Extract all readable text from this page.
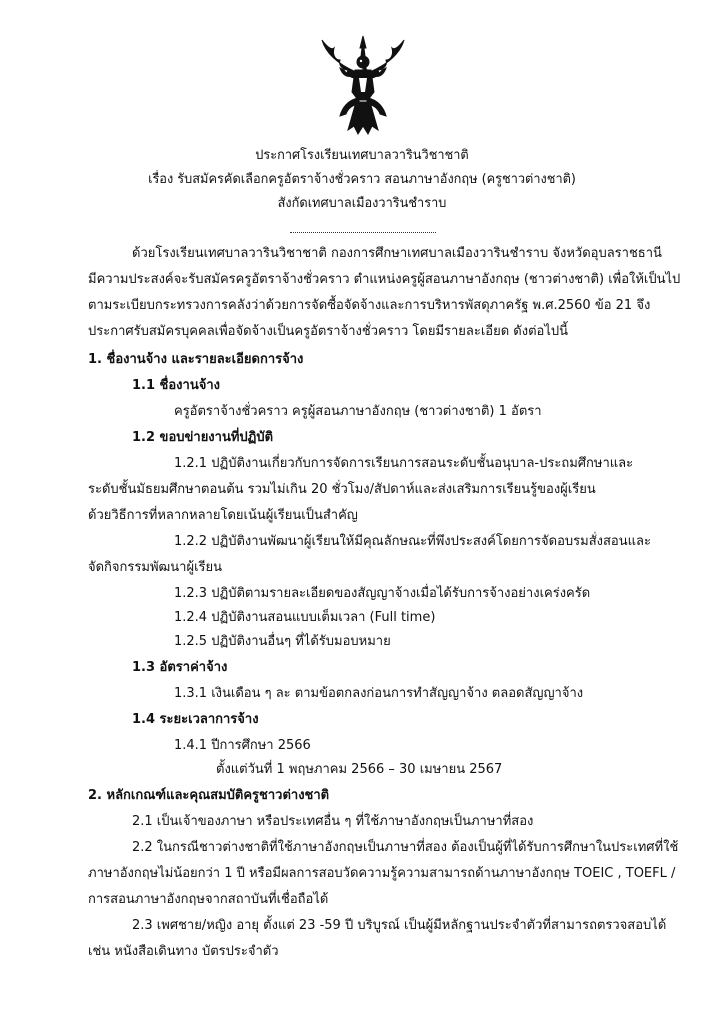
ประกาศโรงเรียนเทศบาลวารินวิชาชาติ
เรื่อง รับสมัครคัดเลือกครูอัตราจ้างชั่วคราว สอนภาษาอังกฤษ (ครูชาวต่างชาติ)
สังกัดเทศบาลเมืองวารินชำราบ
ด้วยโรงเรียนเทศบาลวารินวิชาชาติ กองการศึกษาเทศบาลเมืองวารินชำราบ จังหวัดอุบลราชธานี
มีความประสงค์จะรับสมัครครูอัตราจ้างชั่วคราว ตำแหน่งครูผู้สอนภาษาอังกฤษ (ชาวต่างชาติ) เพื่อให้เป็นไป
ตามระเบียบกระทรวงการคลังว่าด้วยการจัดซื้อจัดจ้างและการบริหารพัสดุภาครัฐ พ.ศ.2560 ข้อ 21 จึง
ประกาศรับสมัครบุคคลเพื่อจัดจ้างเป็นครูอัตราจ้างชั่วคราว โดยมีรายละเอียด ดังต่อไปนี้
1. ชื่องานจ้าง และรายละเอียดการจ้าง
1.1 ชื่องานจ้าง
ครูอัตราจ้างชั่วคราว ครูผู้สอนภาษาอังกฤษ (ชาวต่างชาติ) 1 อัตรา
1.2 ขอบข่ายงานที่ปฏิบัติ
1.2.1 ปฏิบัติงานเกี่ยวกับการจัดการเรียนการสอนระดับชั้นอนุบาล-ประถมศึกษาและ
ระดับชั้นมัธยมศึกษาตอนต้น รวมไม่เกิน 20 ชั่วโมง/สัปดาห์และส่งเสริมการเรียนรู้ของผู้เรียน
ด้วยวิธีการที่หลากหลายโดยเน้นผู้เรียนเป็นสำคัญ
1.2.2 ปฏิบัติงานพัฒนาผู้เรียนให้มีคุณลักษณะที่พึงประสงค์โดยการจัดอบรมสั่งสอนและ
จัดกิจกรรมพัฒนาผู้เรียน
1.2.3 ปฏิบัติตามรายละเอียดของสัญญาจ้างเมื่อได้รับการจ้างอย่างเคร่งครัด
1.2.4 ปฏิบัติงานสอนแบบเต็มเวลา (Full time)
1.2.5 ปฏิบัติงานอื่นๆ ที่ได้รับมอบหมาย
1.3 อัตราค่าจ้าง
1.3.1 เงินเดือน ๆ ละ ตามข้อตกลงก่อนการทำสัญญาจ้าง ตลอดสัญญาจ้าง
1.4 ระยะเวลาการจ้าง
1.4.1 ปีการศึกษา 2566
ตั้งแต่วันที่ 1 พฤษภาคม 2566 – 30 เมษายน 2567
2. หลักเกณฑ์และคุณสมบัติครูชาวต่างชาติ
2.1 เป็นเจ้าของภาษา หรือประเทศอื่น ๆ ที่ใช้ภาษาอังกฤษเป็นภาษาที่สอง
2.2 ในกรณีชาวต่างชาติที่ใช้ภาษาอังกฤษเป็นภาษาที่สอง ต้องเป็นผู้ที่ได้รับการศึกษาในประเทศที่ใช้
ภาษาอังกฤษไม่น้อยกว่า 1 ปี หรือมีผลการสอบวัดความรู้ความสามารถด้านภาษาอังกฤษ TOEIC , TOEFL /
การสอนภาษาอังกฤษจากสถาบันที่เชื่อถือได้
2.3 เพศชาย/หญิง อายุ ตั้งแต่ 23 -59 ปี บริบูรณ์ เป็นผู้มีหลักฐานประจำตัวที่สามารถตรวจสอบได้
เช่น หนังสือเดินทาง บัตรประจำตัว
